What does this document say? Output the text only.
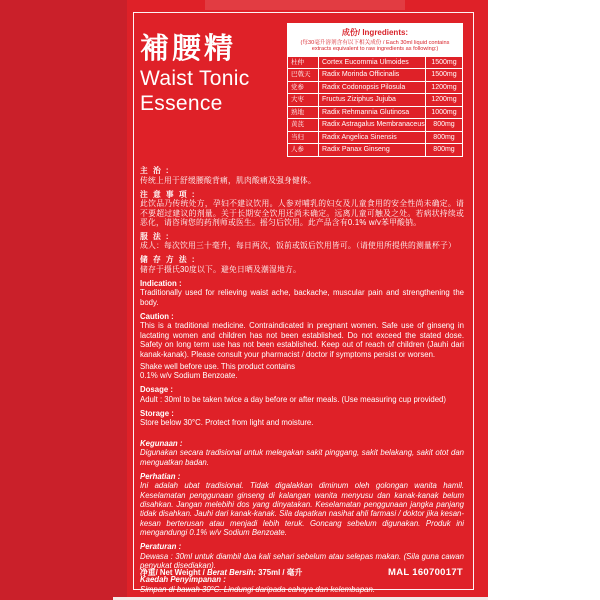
補腰精
Waist Tonic
Essence
成份/ Ingredients:
(每30毫升溶剂含有以下相关成份 / Each 30ml liquid contains
extracts equivalent to raw ingredients as following:)
杜仲	Cortex Eucommia Ulmoides	1500mg
巴戟天	Radix Morinda Officinalis	1500mg
党参	Radix Codonopsis Pilosula	1200mg
大枣	Fructus Ziziphus Jujuba	1200mg
熟地	Radix Rehmannia Glutinosa	1000mg
黄芪	Radix Astragalus Membranaceus	800mg
当归	Radix Angelica Sinensis	800mg
人参	Radix Panax Ginseng	800mg
主 治 :
传统上用于舒缓腰酸背痛，肌肉酸痛及强身健体。
注 意 事 项 :
此饮品乃传统处方，孕妇不建议饮用。人参对哺乳的妇女及儿童食用的安全性尚未确定。请不要超过建议的剂量。关于长期安全饮用还尚未确定。远离儿童可触及之处。若病状持续或恶化，请咨询您的药剂师或医生。摇匀后饮用。此产品含有0.1% w/v苯甲酸钠。
服 法 :
成人：每次饮用三十毫升，每日两次，饭前或饭后饮用皆可。（请使用所提供的测量杯子）
储 存 方 法 :
储存于摄氏30度以下。避免日晒及潮湿地方。
Indication :
Traditionally used for relieving waist ache, backache, muscular pain and strengthening the body.
Caution :
This is a traditional medicine. Contraindicated in pregnant women. Safe use of ginseng in lactating women and children has not been established. Do not exceed the stated dose. Safety on long term use has not been established. Keep out of reach of children (Jauhi dari kanak-kanak). Please consult your pharmacist / doctor if symptoms persist or worsen.
Shake well before use. This product contains
0.1% w/v Sodium Benzoate.
Dosage :
Adult : 30ml to be taken twice a day before or after meals. (Use measuring cup provided)
Storage :
Store below 30°C. Protect from light and moisture.
Kegunaan :
Digunakan secara tradisional untuk melegakan sakit pinggang, sakit belakang, sakit otot dan menguatkan badan.
Perhatian :
Ini adalah ubat tradisional. Tidak digalakkan diminum oleh golongan wanita hamil. Keselamatan penggunaan ginseng di kalangan wanita menyusu dan kanak-kanak belum disahkan. Jangan melebihi dos yang dinyatakan. Keselamatan penggunaan jangka panjang tidak disahkan. Jauhi dari kanak-kanak. Sila dapatkan nasihat ahli farmasi / doktor jika kesan-kesan berterusan atau menjadi lebih teruk. Goncang sebelum digunakan. Produk ini mengandungi 0.1% w/v Sodium Benzoate.
Peraturan :
Dewasa : 30ml untuk diambil dua kali sehari sebelum atau selepas makan. (Sila guna cawan penyukat disediakan).
Kaedah Penyimpanan :
Simpan di bawah 30°C. Lindungi daripada cahaya dan kelembapan.
净重/ Net Weight / Berat Bersih: 375ml / 毫升	MAL 16070017T
